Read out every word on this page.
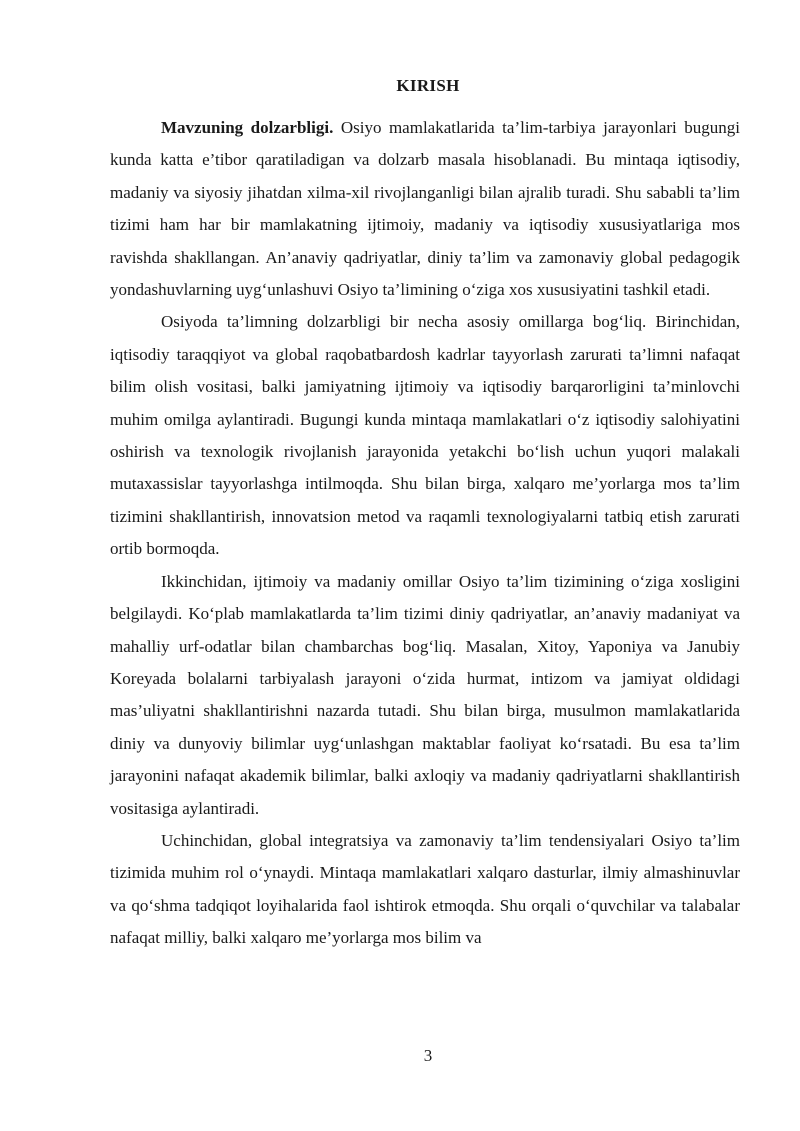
KIRISH

Mavzuning dolzarbligi. Osiyo mamlakatlarida ta’lim-tarbiya jarayonlari bugungi kunda katta e’tibor qaratiladigan va dolzarb masala hisoblanadi. Bu mintaqa iqtisodiy, madaniy va siyosiy jihatdan xilma-xil rivojlanganligi bilan ajralib turadi. Shu sababli ta’lim tizimi ham har bir mamlakatning ijtimoiy, madaniy va iqtisodiy xususiyatlariga mos ravishda shakllangan. An’anaviy qadriyatlar, diniy ta’lim va zamonaviy global pedagogik yondashuvlarning uyg‘unlashuvi Osiyo ta’limining o‘ziga xos xususiyatini tashkil etadi.

Osiyoda ta’limning dolzarbligi bir necha asosiy omillarga bog‘liq. Birinchidan, iqtisodiy taraqqiyot va global raqobatbardosh kadrlar tayyorlash zarurati ta’limni nafaqat bilim olish vositasi, balki jamiyatning ijtimoiy va iqtisodiy barqarorligini ta’minlovchi muhim omilga aylantiradi. Bugungi kunda mintaqa mamlakatlari o‘z iqtisodiy salohiyatini oshirish va texnologik rivojlanish jarayonida yetakchi bo‘lish uchun yuqori malakali mutaxassislar tayyorlashga intilmoqda. Shu bilan birga, xalqaro me’yorlarga mos ta’lim tizimini shakllantirish, innovatsion metod va raqamli texnologiyalarni tatbiq etish zarurati ortib bormoqda.

Ikkinchidan, ijtimoiy va madaniy omillar Osiyo ta’lim tizimining o‘ziga xosligini belgilaydi. Ko‘plab mamlakatlarda ta’lim tizimi diniy qadriyatlar, an’anaviy madaniyat va mahalliy urf-odatlar bilan chambarchas bog‘liq. Masalan, Xitoy, Yaponiya va Janubiy Koreyada bolalarni tarbiyalash jarayoni o‘zida hurmat, intizom va jamiyat oldidagi mas’uliyatni shakllantirishni nazarda tutadi. Shu bilan birga, musulmon mamlakatlarida diniy va dunyoviy bilimlar uyg‘unlashgan maktablar faoliyat ko‘rsatadi. Bu esa ta’lim jarayonini nafaqat akademik bilimlar, balki axloqiy va madaniy qadriyatlarni shakllantirish vositasiga aylantiradi.

Uchinchidan, global integratsiya va zamonaviy ta’lim tendensiyalari Osiyo ta’lim tizimida muhim rol o‘ynaydi. Mintaqa mamlakatlari xalqaro dasturlar, ilmiy almashinuvlar va qo‘shma tadqiqot loyihalarida faol ishtirok etmoqda. Shu orqali o‘quvchilar va talabalar nafaqat milliy, balki xalqaro me’yorlarga mos bilim va

3
